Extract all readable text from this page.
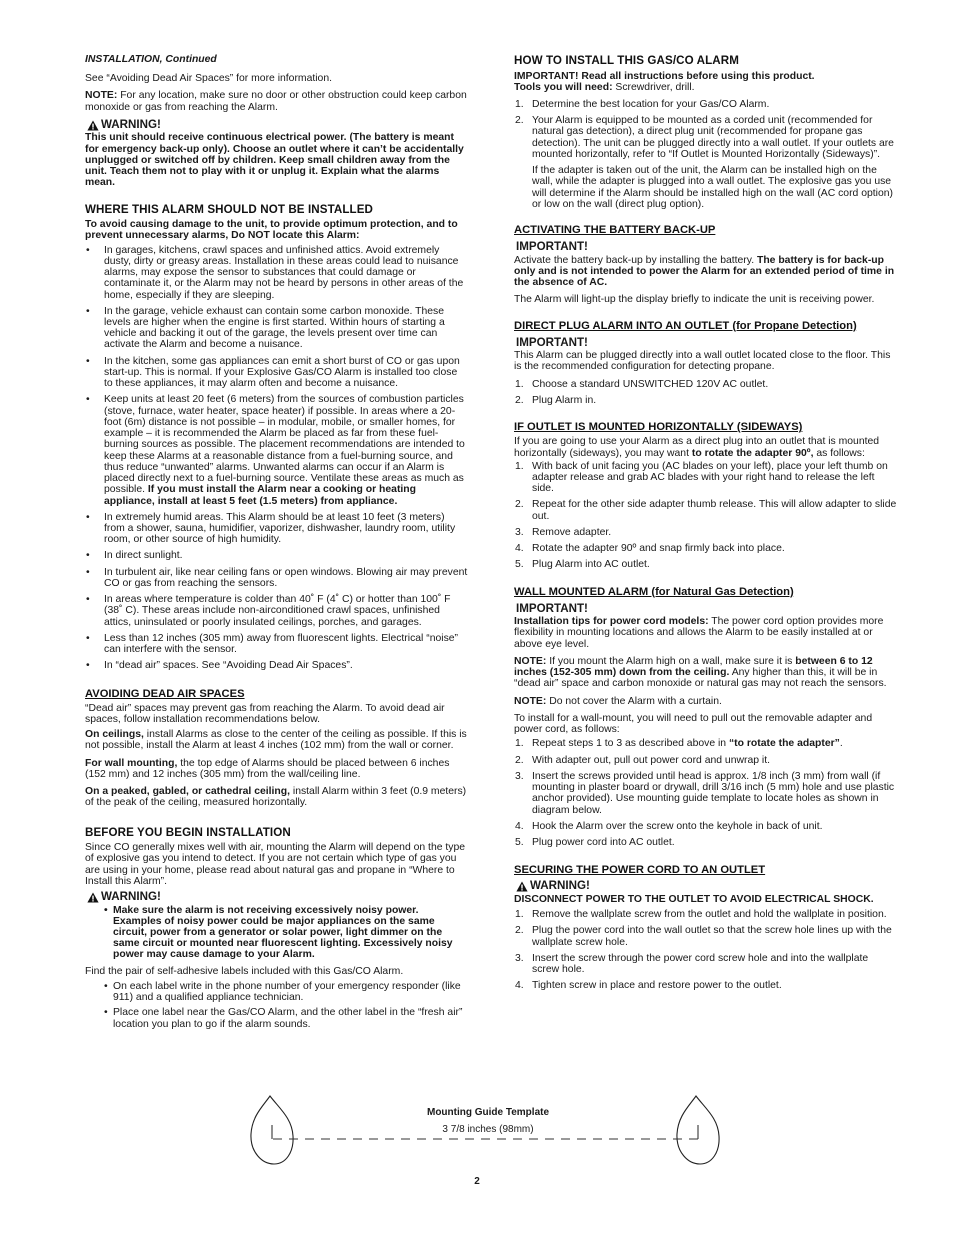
INSTALLATION, Continued

See “Avoiding Dead Air Spaces” for more information.

NOTE: For any location, make sure no door or other obstruction could keep carbon monoxide or gas from reaching the Alarm.

WARNING!

This unit should receive continuous electrical power. (The battery is meant for emergency back-up only). Choose an outlet where it can’t be accidentally unplugged or switched off by children. Keep small children away from the unit. Teach them not to play with it or unplug it. Explain what the alarms mean.

WHERE THIS ALARM SHOULD NOT BE INSTALLED

To avoid causing damage to the unit, to provide optimum protection, and to prevent unnecessary alarms, Do NOT locate this Alarm:

• In garages, kitchens, crawl spaces and unfinished attics. Avoid extremely dusty, dirty or greasy areas. Installation in these areas could lead to nuisance alarms, may expose the sensor to substances that could damage or contaminate it, or the Alarm may not be heard by persons in other areas of the home, especially if they are sleeping.
• In the garage, vehicle exhaust can contain some carbon monoxide. These levels are higher when the engine is first started. Within hours of starting a vehicle and backing it out of the garage, the levels present over time can activate the Alarm and become a nuisance.
• In the kitchen, some gas appliances can emit a short burst of CO or gas upon start-up. This is normal. If your Explosive Gas/CO Alarm is installed too close to these appliances, it may alarm often and become a nuisance.
• Keep units at least 20 feet (6 meters) from the sources of combustion particles (stove, furnace, water heater, space heater) if possible. In areas where a 20-foot (6m) distance is not possible – in modular, mobile, or smaller homes, for example – it is recommended the Alarm be placed as far from these fuel-burning sources as possible. The placement recommendations are intended to keep these Alarms at a reasonable distance from a fuel-burning source, and thus reduce “unwanted” alarms. Unwanted alarms can occur if an Alarm is placed directly next to a fuel-burning source. Ventilate these areas as much as possible. If you must install the Alarm near a cooking or heating appliance, install at least 5 feet (1.5 meters) from appliance.
• In extremely humid areas. This Alarm should be at least 10 feet (3 meters) from a shower, sauna, humidifier, vaporizer, dishwasher, laundry room, utility room, or other source of high humidity.
• In direct sunlight.
• In turbulent air, like near ceiling fans or open windows. Blowing air may prevent CO or gas from reaching the sensors.
• In areas where temperature is colder than 40˚ F (4˚ C) or hotter than 100˚ F (38˚ C). These areas include non-airconditioned crawl spaces, unfinished attics, uninsulated or poorly insulated ceilings, porches, and garages.
• Less than 12 inches (305 mm) away from fluorescent lights. Electrical “noise” can interfere with the sensor.
• In “dead air” spaces. See “Avoiding Dead Air Spaces”.
AVOIDING DEAD AIR SPACES

“Dead air” spaces may prevent gas from reaching the Alarm. To avoid dead air spaces, follow installation recommendations below.

On ceilings, install Alarms as close to the center of the ceiling as possible. If this is not possible, install the Alarm at least 4 inches (102 mm) from the wall or corner.

For wall mounting, the top edge of Alarms should be placed between 6 inches (152 mm) and 12 inches (305 mm) from the wall/ceiling line.

On a peaked, gabled, or cathedral ceiling, install Alarm within 3 feet (0.9 meters) of the peak of the ceiling, measured horizontally.

BEFORE YOU BEGIN INSTALLATION

Since CO generally mixes well with air, mounting the Alarm will depend on the type of explosive gas you intend to detect. If you are not certain which type of gas you are using in your home, please read about natural gas and propane in “Where to Install this Alarm”.

WARNING!
• Make sure the alarm is not receiving excessively noisy power. Examples of noisy power could be major appliances on the same circuit, power from a generator or solar power, light dimmer on the same circuit or mounted near fluorescent lighting. Excessively noisy power may cause damage to your Alarm.

Find the pair of self-adhesive labels included with this Gas/CO Alarm.

• On each label write in the phone number of your emergency responder (like 911) and a qualified appliance technician.
• Place one label near the Gas/CO Alarm, and the other label in the “fresh air” location you plan to go if the alarm sounds.
HOW TO INSTALL THIS GAS/CO ALARM

IMPORTANT! Read all instructions before using this product.

Tools you will need: Screwdriver, drill.

1. Determine the best location for your Gas/CO Alarm.
2. Your Alarm is equipped to be mounted as a corded unit (recommended for natural gas detection), a direct plug unit (recommended for propane gas detection). The unit can be plugged directly into a wall outlet. If your outlets are mounted horizontally, refer to “If Outlet is Mounted Horizontally (Sideways)”.
If the adapter is taken out of the unit, the Alarm can be installed high on the wall, while the adapter is plugged into a wall outlet. The explosive gas you use will determine if the Alarm should be installed high on the wall (AC cord option) or low on the wall (direct plug option).
ACTIVATING THE BATTERY BACK-UP
IMPORTANT!

Activate the battery back-up by installing the battery. The battery is for back-up only and is not intended to power the Alarm for an extended period of time in the absence of AC.

The Alarm will light-up the display briefly to indicate the unit is receiving power.

DIRECT PLUG ALARM INTO AN OUTLET (for Propane Detection)
IMPORTANT!

This Alarm can be plugged directly into a wall outlet located close to the floor. This is the recommended configuration for detecting propane.

1. Choose a standard UNSWITCHED 120V AC outlet.
2. Plug Alarm in.
IF OUTLET IS MOUNTED HORIZONTALLY (SIDEWAYS)

If you are going to use your Alarm as a direct plug into an outlet that is mounted horizontally (sideways), you may want to rotate the adapter 90º, as follows:

1. With back of unit facing you (AC blades on your left), place your left thumb on adapter release and grab AC blades with your right hand to release the left side.
2. Repeat for the other side adapter thumb release. This will allow adapter to slide out.
3. Remove adapter.
4. Rotate the adapter 90º and snap firmly back into place.
5. Plug Alarm into AC outlet.
WALL MOUNTED ALARM (for Natural Gas Detection)
IMPORTANT!

Installation tips for power cord models: The power cord option provides more flexibility in mounting locations and allows the Alarm to be easily installed at or above eye level.

NOTE: If you mount the Alarm high on a wall, make sure it is between 6 to 12 inches (152-305 mm) down from the ceiling. Any higher than this, it will be in “dead air” space and carbon monoxide or natural gas may not reach the sensors.

NOTE: Do not cover the Alarm with a curtain.

To install for a wall-mount, you will need to pull out the removable adapter and power cord, as follows:

1. Repeat steps 1 to 3 as described above in “to rotate the adapter”.
2. With adapter out, pull out power cord and unwrap it.
3. Insert the screws provided until head is approx. 1/8 inch (3 mm) from wall (if mounting in plaster board or drywall, drill 3/16 inch (5 mm) hole and use plastic anchor provided). Use mounting guide template to locate holes as shown in diagram below.
4. Hook the Alarm over the screw onto the keyhole in back of unit.
5. Plug power cord into AC outlet.
SECURING THE POWER CORD TO AN OUTLET
WARNING!

DISCONNECT POWER TO THE OUTLET TO AVOID ELECTRICAL SHOCK.

1. Remove the wallplate screw from the outlet and hold the wallplate in position.
2. Plug the power cord into the wall outlet so that the screw hole lines up with the wallplate screw hole.
3. Insert the screw through the power cord screw hole and into the wallplate screw hole.
4. Tighten screw in place and restore power to the outlet.
Mounting Guide Template
3 7/8 inches (98mm)
2
